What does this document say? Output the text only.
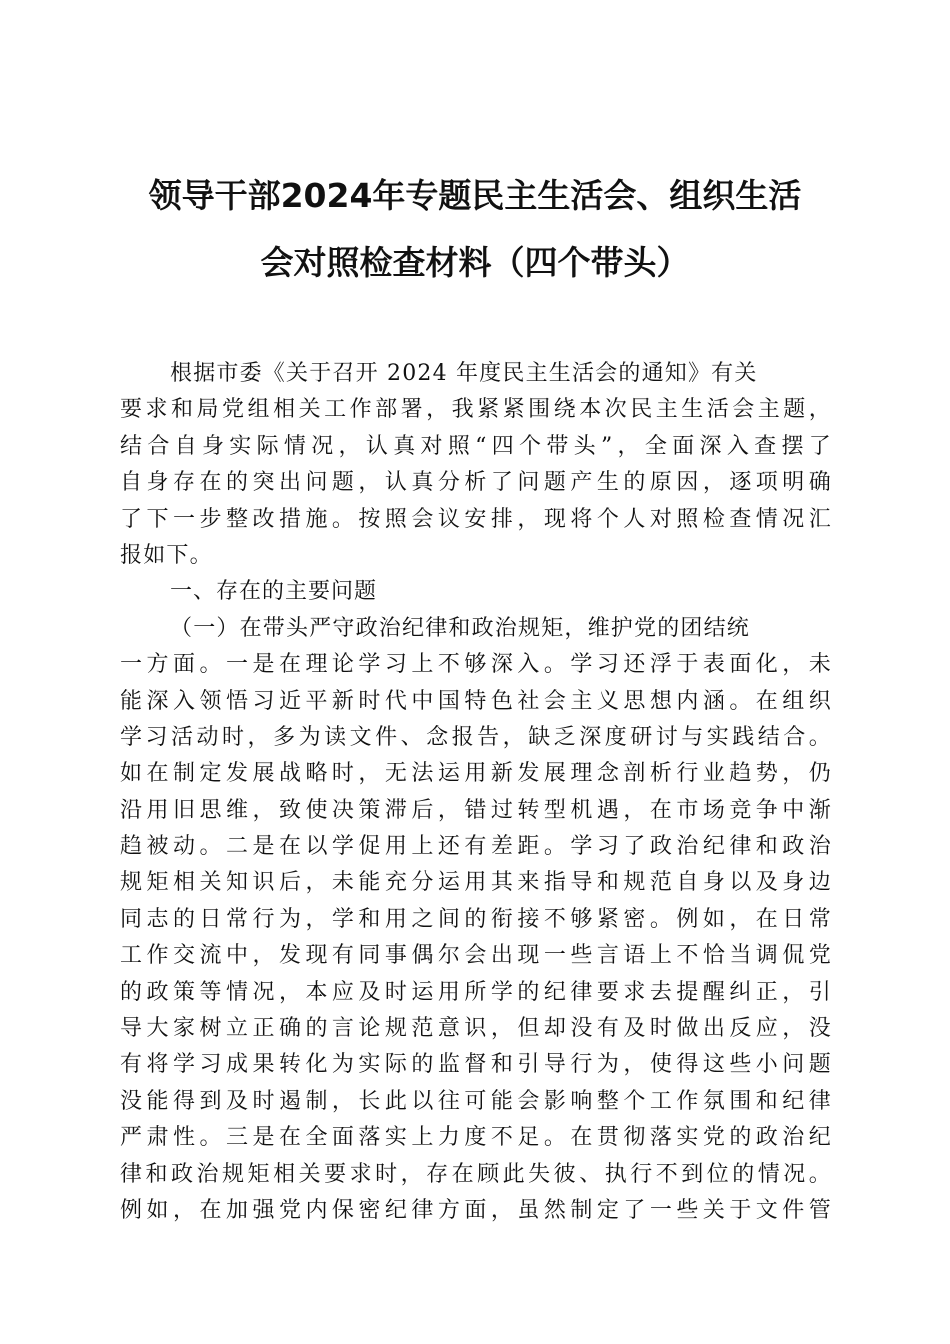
领导干部2024年专题民主生活会、组织生活
会对照检查材料（四个带头）
根据市委《关于召开 2024 年度民主生活会的通知》有关
要求和局党组相关工作部署，我紧紧围绕本次民主生活会主题，
结合自身实际情况，认真对照“四个带头”，全面深入查摆了
自身存在的突出问题，认真分析了问题产生的原因，逐项明确
了下一步整改措施。按照会议安排，现将个人对照检查情况汇
报如下。
一、存在的主要问题
（一）在带头严守政治纪律和政治规矩，维护党的团结统
一方面。一是在理论学习上不够深入。学习还浮于表面化，未
能深入领悟习近平新时代中国特色社会主义思想内涵。在组织
学习活动时，多为读文件、念报告，缺乏深度研讨与实践结合。
如在制定发展战略时，无法运用新发展理念剖析行业趋势，仍
沿用旧思维，致使决策滞后，错过转型机遇，在市场竞争中渐
趋被动。二是在以学促用上还有差距。学习了政治纪律和政治
规矩相关知识后，未能充分运用其来指导和规范自身以及身边
同志的日常行为，学和用之间的衔接不够紧密。例如，在日常
工作交流中，发现有同事偶尔会出现一些言语上不恰当调侃党
的政策等情况，本应及时运用所学的纪律要求去提醒纠正，引
导大家树立正确的言论规范意识，但却没有及时做出反应，没
有将学习成果转化为实际的监督和引导行为，使得这些小问题
没能得到及时遏制，长此以往可能会影响整个工作氛围和纪律
严肃性。三是在全面落实上力度不足。在贯彻落实党的政治纪
律和政治规矩相关要求时，存在顾此失彼、执行不到位的情况。
例如，在加强党内保密纪律方面，虽然制定了一些关于文件管
